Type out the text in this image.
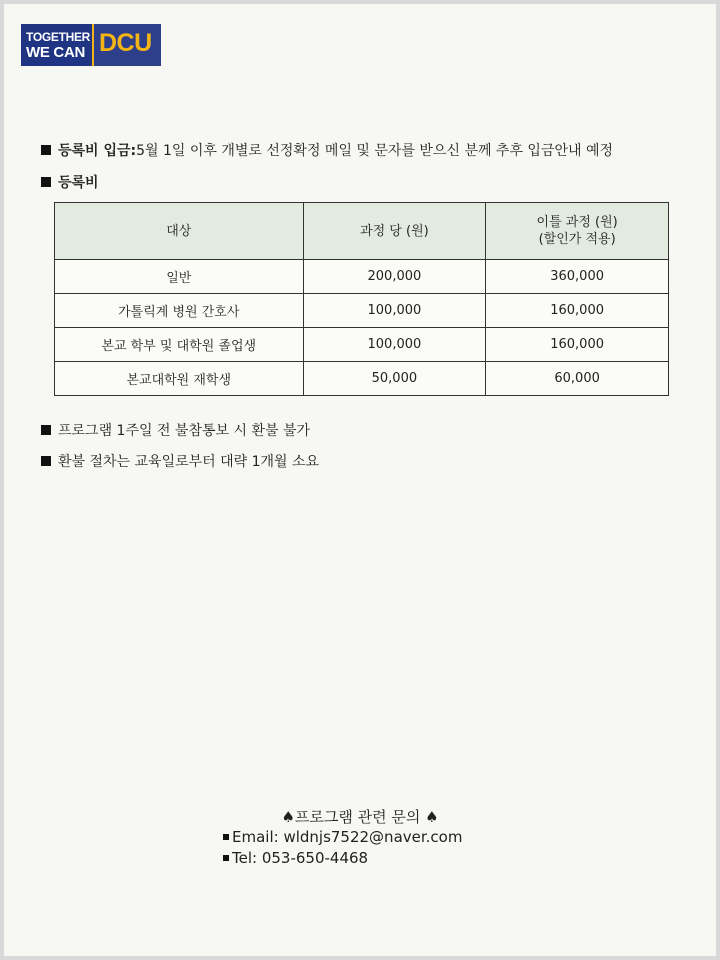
TOGETHER
WE CAN DCU
등록비 입금: 5월 1일 이후 개별로 선정확정 메일 및 문자를 받으신 분께 추후 입금안내 예정
등록비
대상	과정 당 (원)	이틀 과정 (원)
(할인가 적용)
일반	200,000	360,000
가톨릭계 병원 간호사	100,000	160,000
본교 학부 및 대학원 졸업생	100,000	160,000
본교대학원 재학생	50,000	60,000
프로그램 1주일 전 불참통보 시 환불 불가
환불 절차는 교육일로부터 대략 1개월 소요
♠프로그램 관련 문의 ♠
Email: wldnjs7522@naver.com
Tel: 053-650-4468
